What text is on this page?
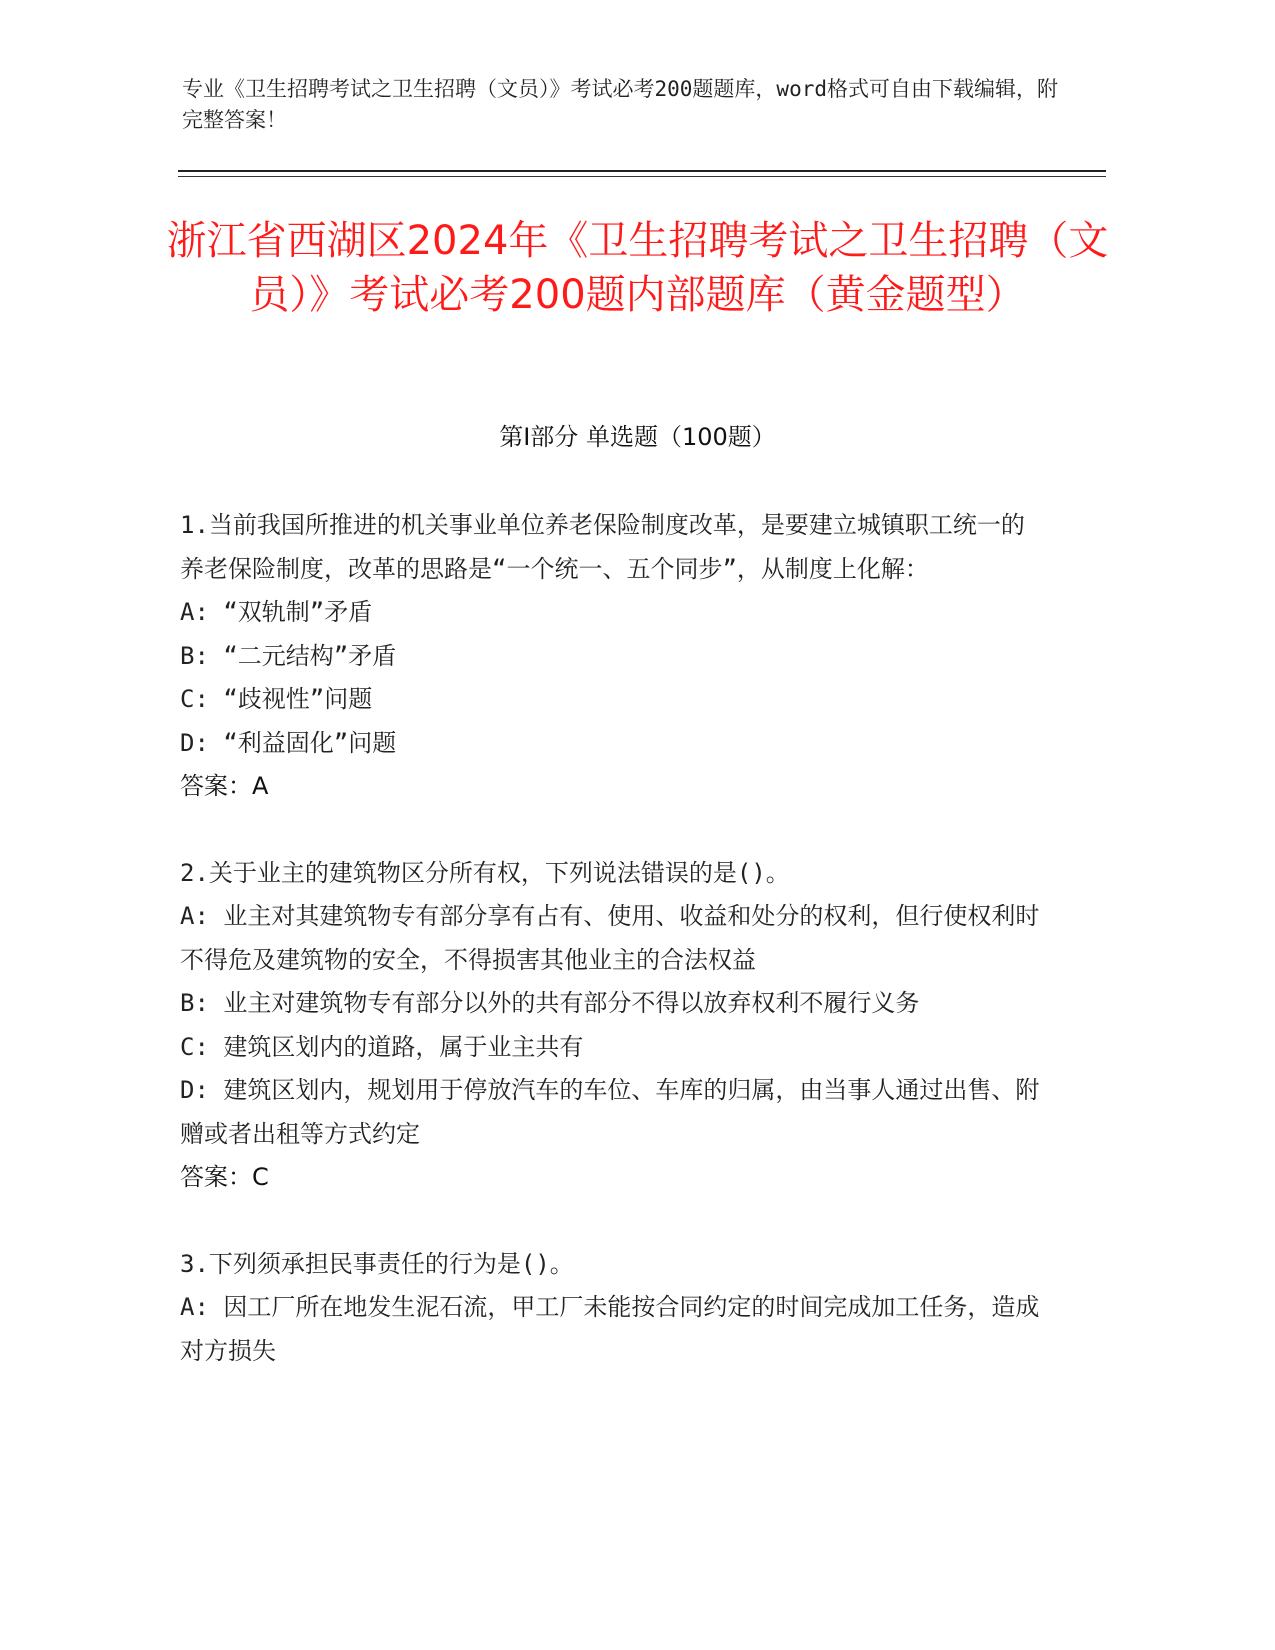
专业《卫生招聘考试之卫生招聘（文员）》考试必考200题题库，word格式可自由下载编辑，附完整答案！
浙江省西湖区2024年《卫生招聘考试之卫生招聘（文员）》考试必考200题内部题库（黄金题型）
第I部分 单选题（100题）
1.当前我国所推进的机关事业单位养老保险制度改革，是要建立城镇职工统一的养老保险制度，改革的思路是“一个统一、五个同步”，从制度上化解：
A: “双轨制”矛盾
B: “二元结构”矛盾
C: “歧视性”问题
D: “利益固化”问题
答案：A
2.关于业主的建筑物区分所有权，下列说法错误的是()。
A: 业主对其建筑物专有部分享有占有、使用、收益和处分的权利，但行使权利时不得危及建筑物的安全，不得损害其他业主的合法权益
B: 业主对建筑物专有部分以外的共有部分不得以放弃权利不履行义务
C: 建筑区划内的道路，属于业主共有
D: 建筑区划内，规划用于停放汽车的车位、车库的归属，由当事人通过出售、附赠或者出租等方式约定
答案：C
3.下列须承担民事责任的行为是()。
A: 因工厂所在地发生泥石流，甲工厂未能按合同约定的时间完成加工任务，造成对方损失
